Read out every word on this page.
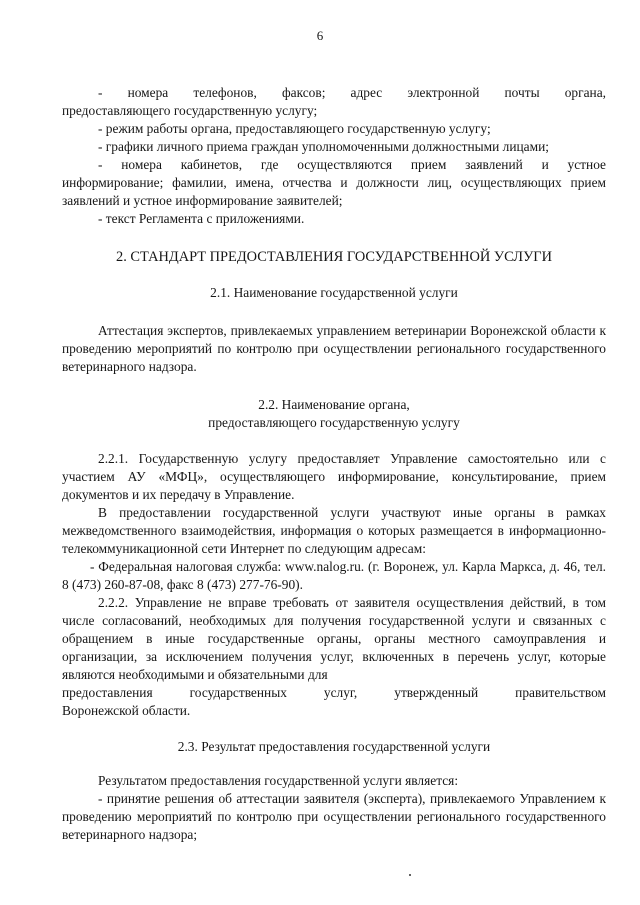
6

- номера телефонов, факсов; адрес электронной почты органа,

предоставляющего государственную услугу;

- режим работы органа, предоставляющего государственную услугу;

- графики личного приема граждан уполномоченными должностными лицами;

- номера кабинетов, где осуществляются прием заявлений и устное

информирование; фамилии, имена, отчества и должности лиц, осуществляющих прием заявлений и устное информирование заявителей;

- текст Регламента с приложениями.

2. СТАНДАРТ ПРЕДОСТАВЛЕНИЯ ГОСУДАРСТВЕННОЙ УСЛУГИ

2.1. Наименование государственной услуги

Аттестация экспертов, привлекаемых управлением ветеринарии Воронежской области к проведению мероприятий по контролю при осуществлении регионального государственного ветеринарного надзора.

2.2. Наименование органа,

предоставляющего государственную услугу

2.2.1. Государственную услугу предоставляет Управление самостоятельно или с участием АУ «МФЦ», осуществляющего информирование, консультирование, прием документов и их передачу в Управление.

В предоставлении государственной услуги участвуют иные органы в рамках межведомственного взаимодействия, информация о которых размещается в информационно-телекоммуникационной сети Интернет по следующим адресам:

- Федеральная налоговая служба: www.nalog.ru. (г. Воронеж, ул. Карла Маркса, д. 46, тел. 8 (473) 260-87-08, факс 8 (473) 277-76-90).

2.2.2. Управление не вправе требовать от заявителя осуществления действий, в том числе согласований, необходимых для получения государственной услуги и связанных с обращением в иные государственные органы, органы местного самоуправления и организации, за исключением получения услуг, включенных в перечень услуг, которые являются необходимыми и обязательными для

предоставления государственных услуг, утвержденный правительством

Воронежской области.

2.3. Результат предоставления государственной услуги

Результатом предоставления государственной услуги является:

- принятие решения об аттестации заявителя (эксперта), привлекаемого Управлением к проведению мероприятий по контролю при осуществлении регионального государственного ветеринарного надзора;
